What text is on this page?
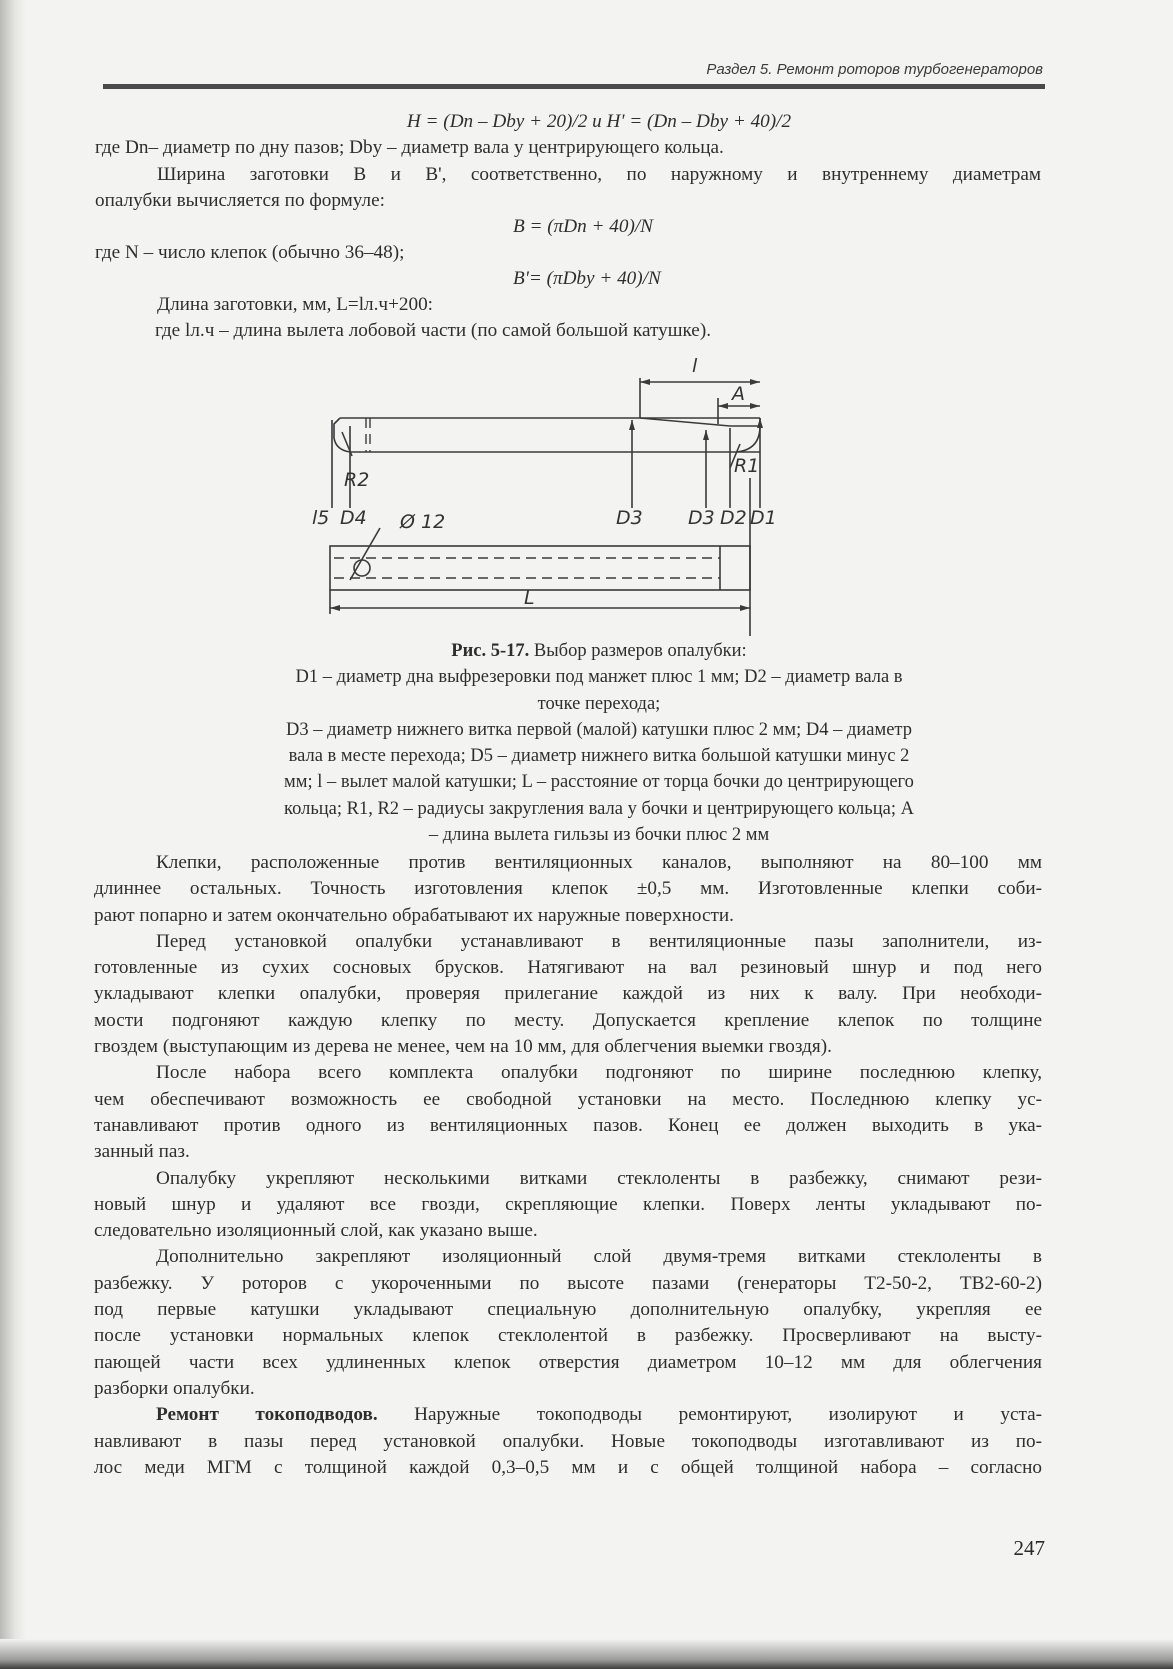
Раздел 5. Ремонт роторов турбогенераторов
H = (Dn – Dby + 20)/2 и H' = (Dn – Dby + 40)/2
где Dn– диаметр по дну пазов; Dby – диаметр вала у центрирующего кольца.
Ширина заготовки B и B', соответственно, по наружному и внутреннему диаметрам
опалубки вычисляется по формуле:
B = (πDn + 40)/N
где N – число клепок (обычно 36–48);
B'= (πDby + 40)/N
Длина заготовки, мм, L=lл.ч+200:
где lл.ч – длина вылета лобовой части (по самой большой катушке).
l
A
R1
R2
l5 D4 Ø 12	D3 D3 D2 D1
L
Рис. 5-17. Выбор размеров опалубки:
D1 – диаметр дна выфрезеровки под манжет плюс 1 мм; D2 – диаметр вала в
точке перехода;
D3 – диаметр нижнего витка первой (малой) катушки плюс 2 мм; D4 – диаметр
вала в месте перехода; D5 – диаметр нижнего витка большой катушки минус 2
мм; l – вылет малой катушки; L – расстояние от торца бочки до центрирующего
кольца; R1, R2 – радиусы закругления вала у бочки и центрирующего кольца; A
– длина вылета гильзы из бочки плюс 2 мм
Клепки, расположенные против вентиляционных каналов, выполняют на 80–100 мм
длиннее остальных. Точность изготовления клепок ±0,5 мм. Изготовленные клепки соби-
рают попарно и затем окончательно обрабатывают их наружные поверхности.
Перед установкой опалубки устанавливают в вентиляционные пазы заполнители, из-
готовленные из сухих сосновых брусков. Натягивают на вал резиновый шнур и под него
укладывают клепки опалубки, проверяя прилегание каждой из них к валу. При необходи-
мости подгоняют каждую клепку по месту. Допускается крепление клепок по толщине
гвоздем (выступающим из дерева не менее, чем на 10 мм, для облегчения выемки гвоздя).
После набора всего комплекта опалубки подгоняют по ширине последнюю клепку,
чем обеспечивают возможность ее свободной установки на место. Последнюю клепку ус-
танавливают против одного из вентиляционных пазов. Конец ее должен выходить в ука-
занный паз.
Опалубку укрепляют несколькими витками стеклоленты в разбежку, снимают рези-
новый шнур и удаляют все гвозди, скрепляющие клепки. Поверх ленты укладывают по-
следовательно изоляционный слой, как указано выше.
Дополнительно закрепляют изоляционный слой двумя-тремя витками стеклоленты в
разбежку. У роторов с укороченными по высоте пазами (генераторы Т2-50-2, ТВ2-60-2)
под первые катушки укладывают специальную дополнительную опалубку, укрепляя ее
после установки нормальных клепок стеклолентой в разбежку. Просверливают на высту-
пающей части всех удлиненных клепок отверстия диаметром 10–12 мм для облегчения
разборки опалубки.
Ремонт токоподводов. Наружные токоподводы ремонтируют, изолируют и уста-
навливают в пазы перед установкой опалубки. Новые токоподводы изготавливают из по-
лос меди МГМ с толщиной каждой 0,3–0,5 мм и с общей толщиной набора – согласно
247
